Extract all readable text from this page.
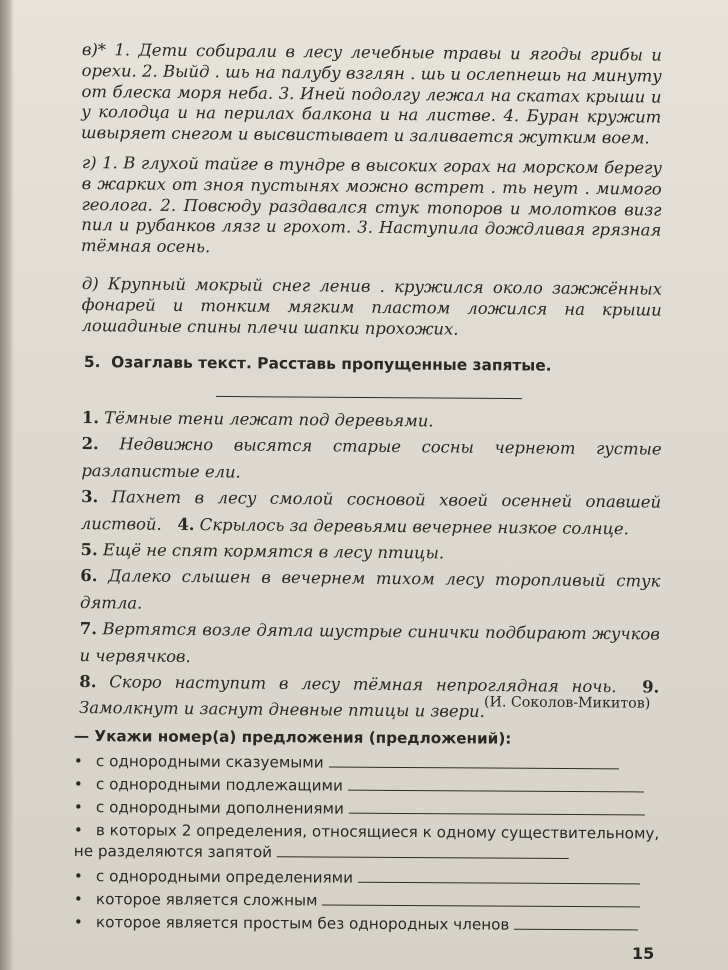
в)* 1. Дети собирали в лесу лечебные травы и ягоды грибы и орехи. 2. Выйд . шь на палубу взглян . шь и ослепнешь на минуту от блеска моря неба. 3. Иней подолгу лежал на скатах крыши и у колодца и на перилах балкона и на листве. 4. Буран кружит швыряет снегом и высвистывает и заливается жутким воем.

г) 1. В глухой тайге в тундре в высоких горах на морском берегу в жарких от зноя пустынях можно встрет . ть неут . мимого геолога. 2. Повсюду раздавался стук топоров и молотков визг пил и рубанков лязг и грохот. 3. Наступила дождливая грязная тёмная осень.

д) Крупный мокрый снег ленив . кружился около зажжённых фонарей и тонким мягким пластом ложился на крыши лошадиные спины плечи шапки прохожих.

5. Озаглавь текст. Расставь пропущенные запятые.

1. Тёмные тени лежат под деревьями.
2. Недвижно высятся старые сосны чернеют густые разлапистые ели.
3. Пахнет в лесу смолой сосновой хвоей осенней опавшей листвой. 4. Скрылось за деревьями вечернее низкое солнце.
5. Ещё не спят кормятся в лесу птицы.
6. Далеко слышен в вечернем тихом лесу торопливый стук дятла.
7. Вертятся возле дятла шустрые синички подбирают жучков и червячков.
8. Скоро наступит в лесу тёмная непроглядная ночь. 9. Замолкнут и заснут дневные птицы и звери.

(И. Соколов-Микитов)
— Укажи номер(а) предложения (предложений):
• с однородными сказуемыми
• с однородными подлежащими
• с однородными дополнениями
• в которых 2 определения, относящиеся к одному существительному, не разделяются запятой
• с однородными определениями
• которое является сложным
• которое является простым без однородных членов
15
